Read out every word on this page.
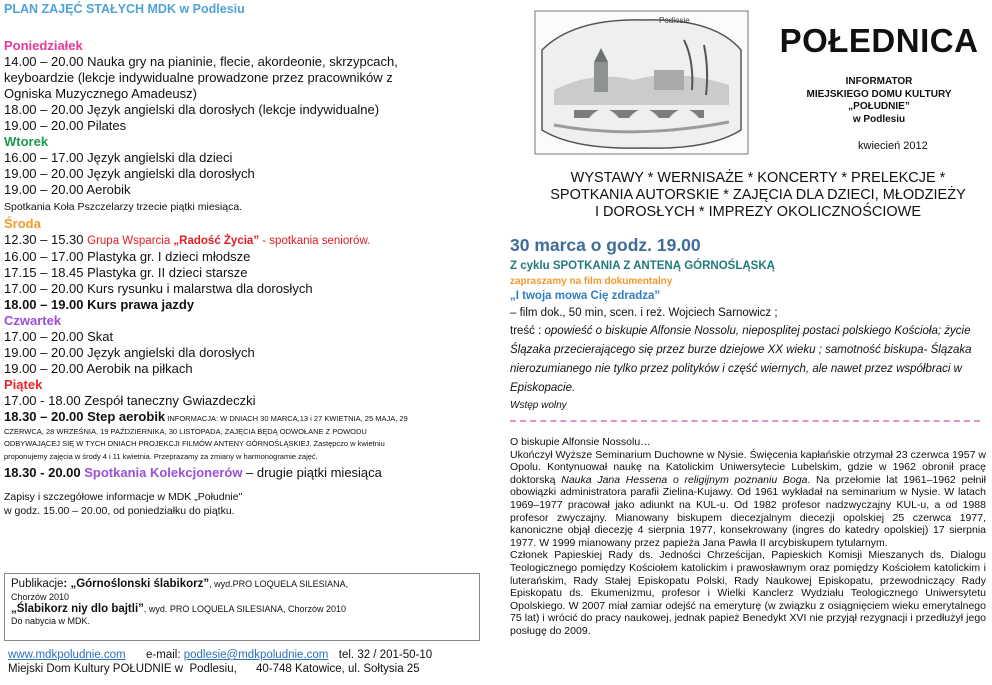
PLAN ZAJĘĆ STAŁYCH MDK w Podlesiu
Poniedziałek
14.00 – 20.00 Nauka gry na pianinie, flecie, akordeonie, skrzypcach,
keyboardzie (lekcje indywidualne prowadzone przez pracowników z
Ogniska Muzycznego Amadeusz)
18.00 – 20.00 Język angielski dla dorosłych (lekcje indywidualne)
19.00 – 20.00 Pilates
Wtorek
16.00 – 17.00 Język angielski dla dzieci
19.00 – 20.00 Język angielski dla dorosłych
19.00 – 20.00 Aerobik
Spotkania Koła Pszczelarzy trzecie piątki miesiąca.
Środa
12.30 – 15.30 Grupa Wsparcia „Radość Życia” - spotkania seniorów.
16.00 – 17.00 Plastyka gr. I dzieci młodsze
17.15 – 18.45 Plastyka gr. II dzieci starsze
17.00 – 20.00 Kurs rysunku i malarstwa dla dorosłych
18.00 – 19.00 Kurs prawa jazdy
Czwartek
17.00 – 20.00 Skat
19.00 – 20.00 Język angielski dla dorosłych
19.00 – 20.00 Aerobik na piłkach
Piątek
17.00 - 18.00 Zespół taneczny Gwiazdeczki
18.30 – 20.00 Step aerobik INFORMACJA: W DNIACH 30 MARCA,13 i 27 KWIETNIA, 25 MAJA, 29
CZERWCA, 28 WRZEŚNIA, 19 PAŹDZIERNIKA, 30 LISTOPADA, ZAJĘCIA BĘDĄ ODWOŁANE Z POWODU
ODBYWAJĄCEJ SIĘ W TYCH DNIACH PROJEKCJI FILMÓW ANTENY GÓRNOŚLĄSKIEJ. Zastępczo w kwietniu
proponujemy zajęcia w środy 4 i 11 kwietnia. Przeprazamy za zmiany w harmonogramie zajęć.
18.30 - 20.00 Spotkania Kolekcjonerów – drugie piątki miesiąca
Zapisy i szczegółowe informacje w MDK „Południe"
w godz. 15.00 – 20.00, od poniedziałku do piątku.
Publikacje: „Górnoślonski ślabikorz”, wyd.PRO LOQUELA SILESIANA,
Chorzów 2010
„Ślabikorz niy dlo bajtli”, wyd. PRO LOQUELA SILESIANA, Chorzów 2010
Do nabycia w MDK.
www.mdkpoludnie.com e-mail: podlesie@mdkpoludnie.com tel. 32 / 201-50-10
Miejski Dom Kultury POŁUDNIE w  Podlesiu,      40-748 Katowice, ul. Sołtysia 25
Podlesie
POŁEDNICA
INFORMATOR
MIEJSKIEGO DOMU KULTURY
„POŁUDNIE”
w Podlesiu
kwiecień 2012
WYSTAWY * WERNISAŻE * KONCERTY * PRELEKCJE *
SPOTKANIA AUTORSKIE * ZAJĘCIA DLA DZIECI, MŁODZIEŻY
I DOROSŁYCH * IMPREZY OKOLICZNOŚCIOWE
30 marca o godz. 19.00
Z cyklu SPOTKANIA Z ANTENĄ GÓRNOŚLĄSKĄ
zapraszamy na film dokumentalny
„I twoja mowa Cię zdradza”
– film dok., 50 min, scen. i reż. Wojciech Sarnowicz ;
treść : opowieść o biskupie Alfonsie Nossolu, nieposplitej postaci polskiego Kościoła; życie Ślązaka przecierającego się przez burze dziejowe XX wieku ; samotność biskupa- Ślązaka nierozumianego nie tylko przez polityków i część wiernych, ale nawet przez współbraci w Episkopacie.
Wstęp wolny
O biskupie Alfonsie Nossolu…
Ukończył Wyższe Seminarium Duchowne w Nysie. Święcenia kapłańskie otrzymał 23 czerwca 1957 w Opolu. Kontynuował naukę na Katolickim Uniwersytecie Lubelskim, gdzie w 1962 obronił pracę doktorską Nauka Jana Hessena o religijnym poznaniu Boga. Na przełomie lat 1961–1962 pełnił obowiązki administratora parafii Zielina-Kujawy. Od 1961 wykładał na seminarium w Nysie. W latach 1969–1977 pracował jako adiunkt na KUL-u. Od 1982 profesor nadzwyczajny KUL-u, a od 1988 profesor zwyczajny. Mianowany biskupem diecezjalnym diecezji opolskiej 25 czerwca 1977, kanoniczne objął diecezję 4 sierpnia 1977, konsekrowany (ingres do katedry opolskiej) 17 sierpnia 1977. W 1999 mianowany przez papieża Jana Pawła II arcybiskupem tytularnym.
Członek Papieskiej Rady ds. Jedności Chrześcijan, Papieskich Komisji Mieszanych ds. Dialogu Teologicznego pomiędzy Kościołem katolickim i prawosławnym oraz pomiędzy Kościołem katolickim i luterańskim, Rady Stałej Episkopatu Polski, Rady Naukowej Episkopatu, przewodniczący Rady Episkopatu ds. Ekumenizmu, profesor i Wielki Kanclerz Wydziału Teologicznego Uniwersytetu Opolskiego. W 2007 miał zamiar odejść na emeryturę (w związku z osiągnięciem wieku emerytalnego 75 lat) i wrócić do pracy naukowej, jednak papież Benedykt XVI nie przyjął rezygnacji i przedłużył jego posługę do 2009.
